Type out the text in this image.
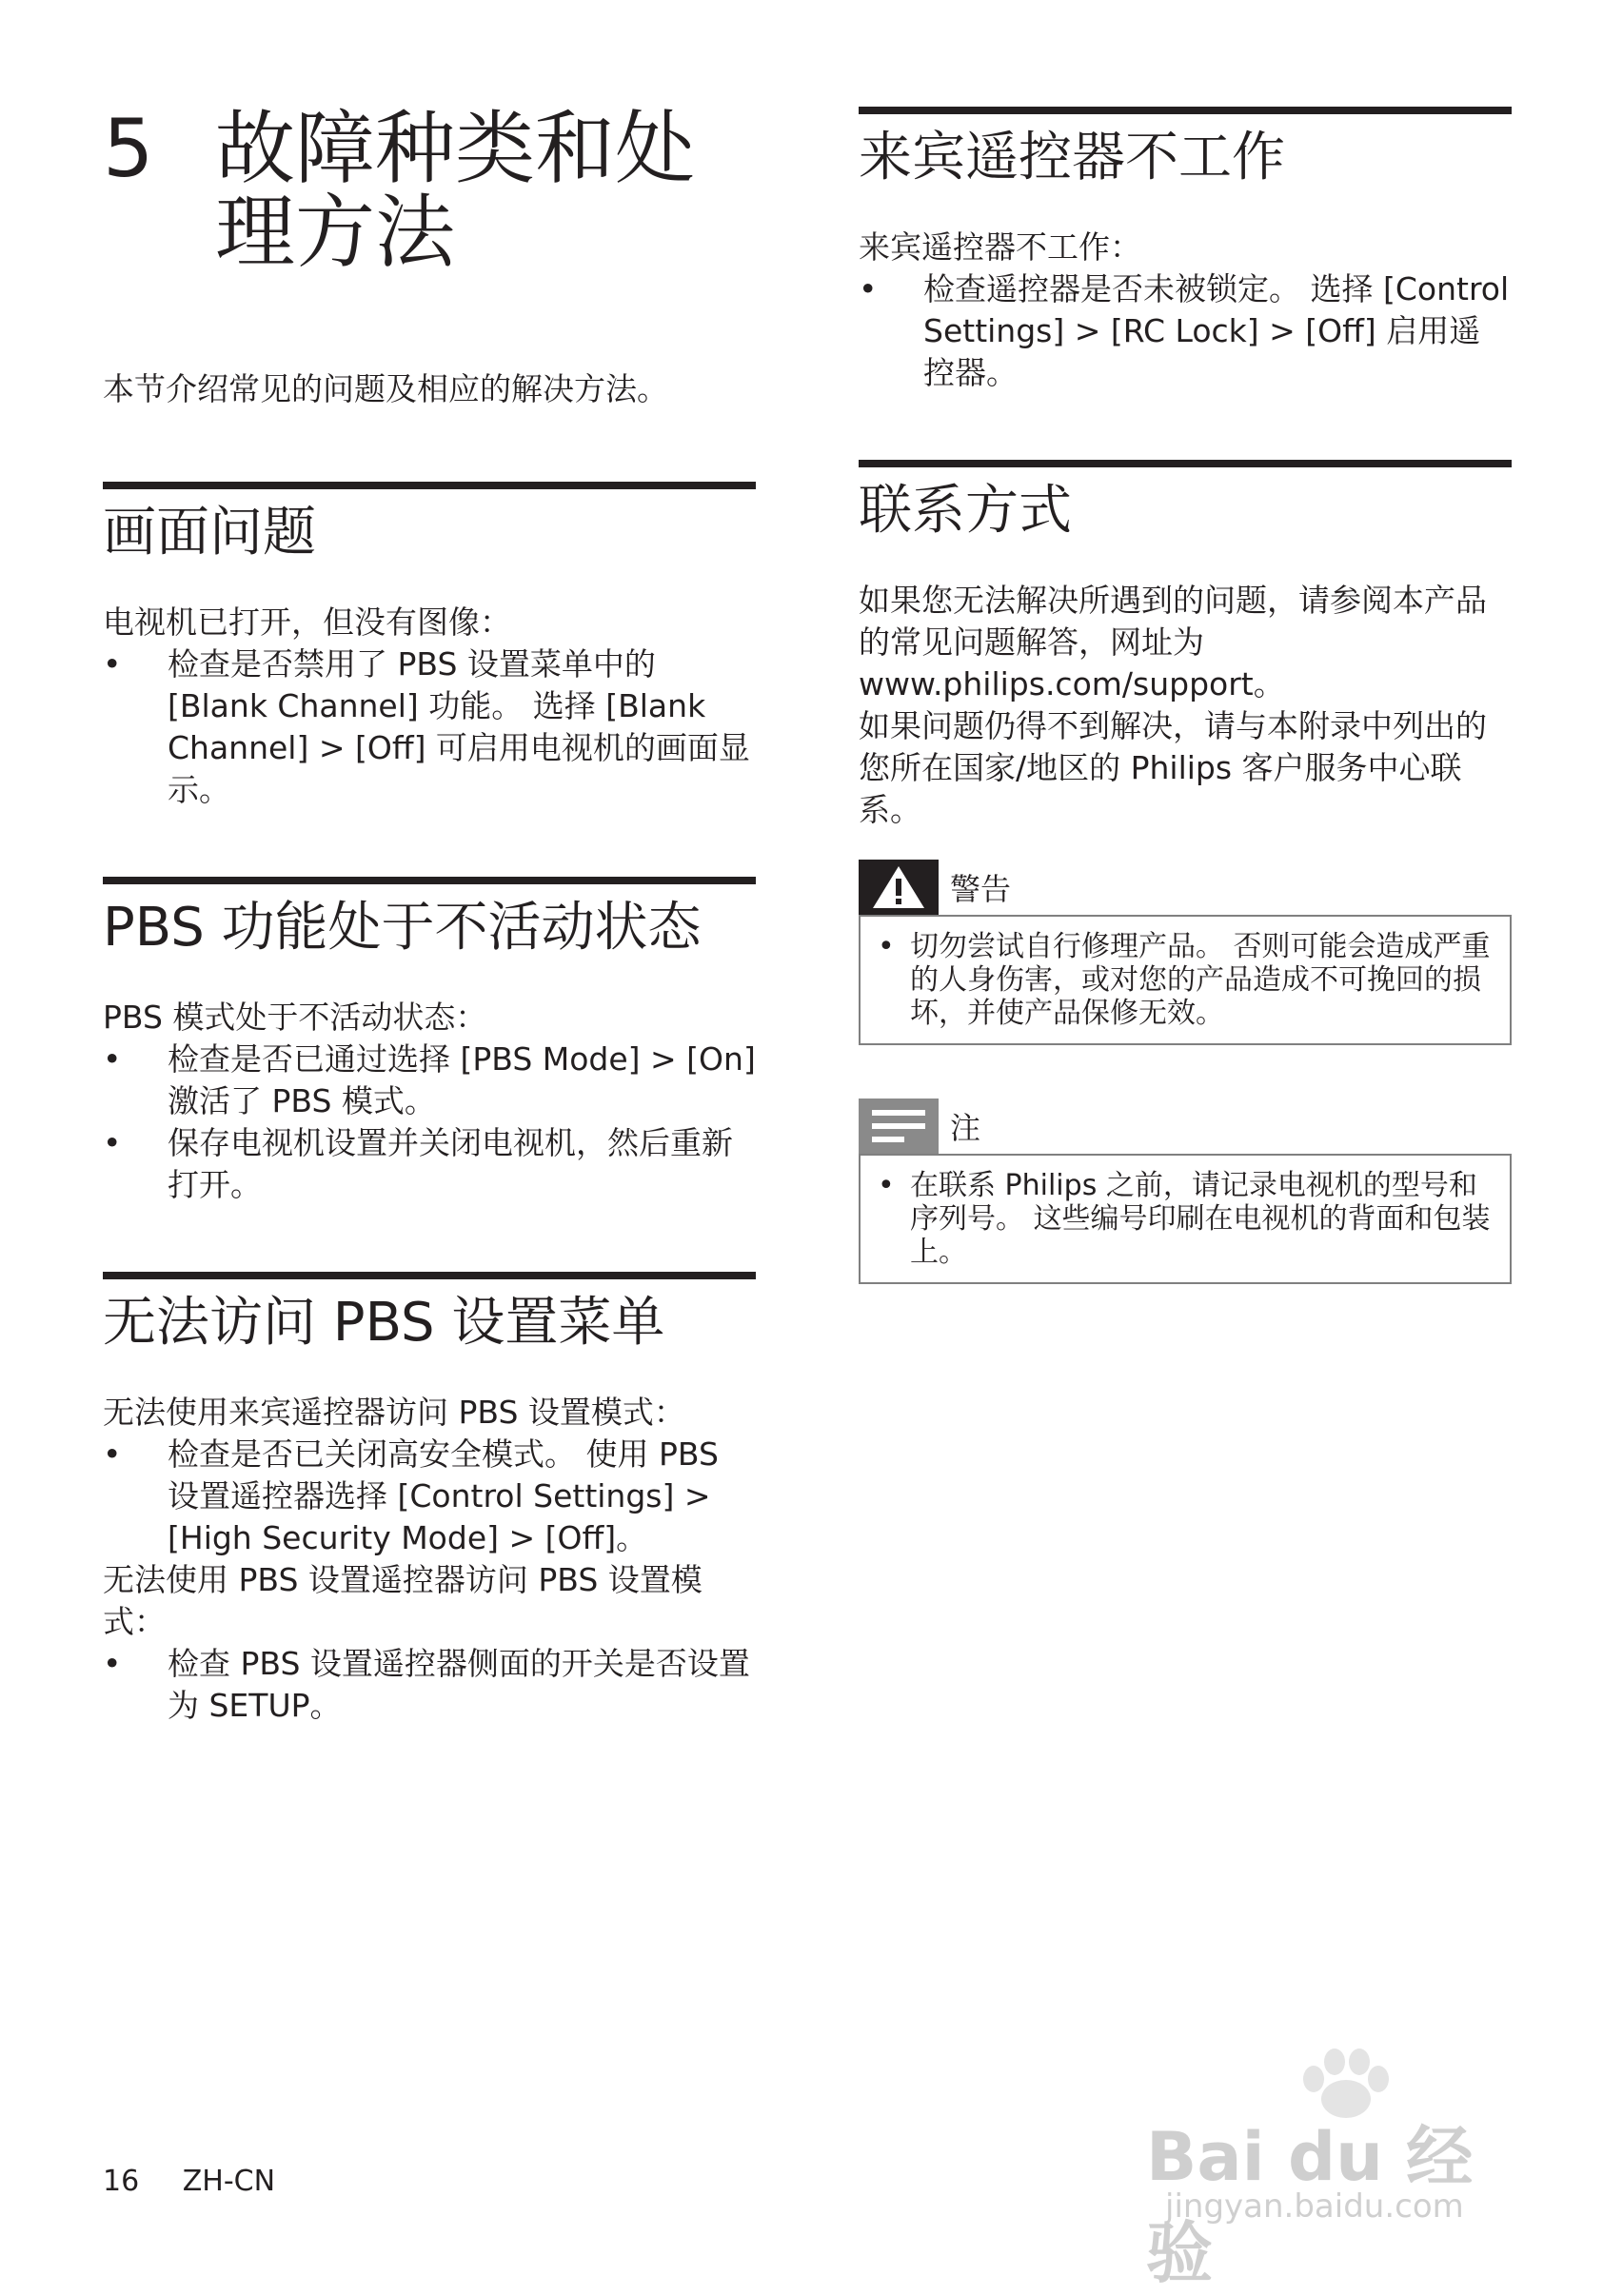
5 故障种类和处
理方法
本节介绍常见的问题及相应的解决方法。
画面问题

电视机已打开，但没有图像：

• 检查是否禁用了 PBS 设置菜单中的 [Blank Channel] 功能。 选择 [Blank Channel] > [Off] 可启用电视机的画面显示。
PBS 功能处于不活动状态

PBS 模式处于不活动状态：

• 检查是否已通过选择 [PBS Mode] > [On] 激活了 PBS 模式。
• 保存电视机设置并关闭电视机，然后重新打开。
无法访问 PBS 设置菜单

无法使用来宾遥控器访问 PBS 设置模式：

• 检查是否已关闭高安全模式。 使用 PBS 设置遥控器选择 [Control Settings] > [High Security Mode] > [Off]。

无法使用 PBS 设置遥控器访问 PBS 设置模式：

• 检查 PBS 设置遥控器侧面的开关是否设置为 SETUP。
来宾遥控器不工作

来宾遥控器不工作：

• 检查遥控器是否未被锁定。 选择 [Control Settings] > [RC Lock] > [Off] 启用遥控器。
联系方式

如果您无法解决所遇到的问题，请参阅本产品的常见问题解答，网址为 www.philips.com/support。

如果问题仍得不到解决，请与本附录中列出的您所在国家/地区的 Philips 客户服务中心联系。

警告
• 切勿尝试自行修理产品。 否则可能会造成严重的人身伤害，或对您的产品造成不可挽回的损坏，并使产品保修无效。
注
• 在联系 Philips 之前，请记录电视机的型号和序列号。 这些编号印刷在电视机的背面和包装上。
16 ZH-CN	Bai du 经验
jingyan.baidu.com
